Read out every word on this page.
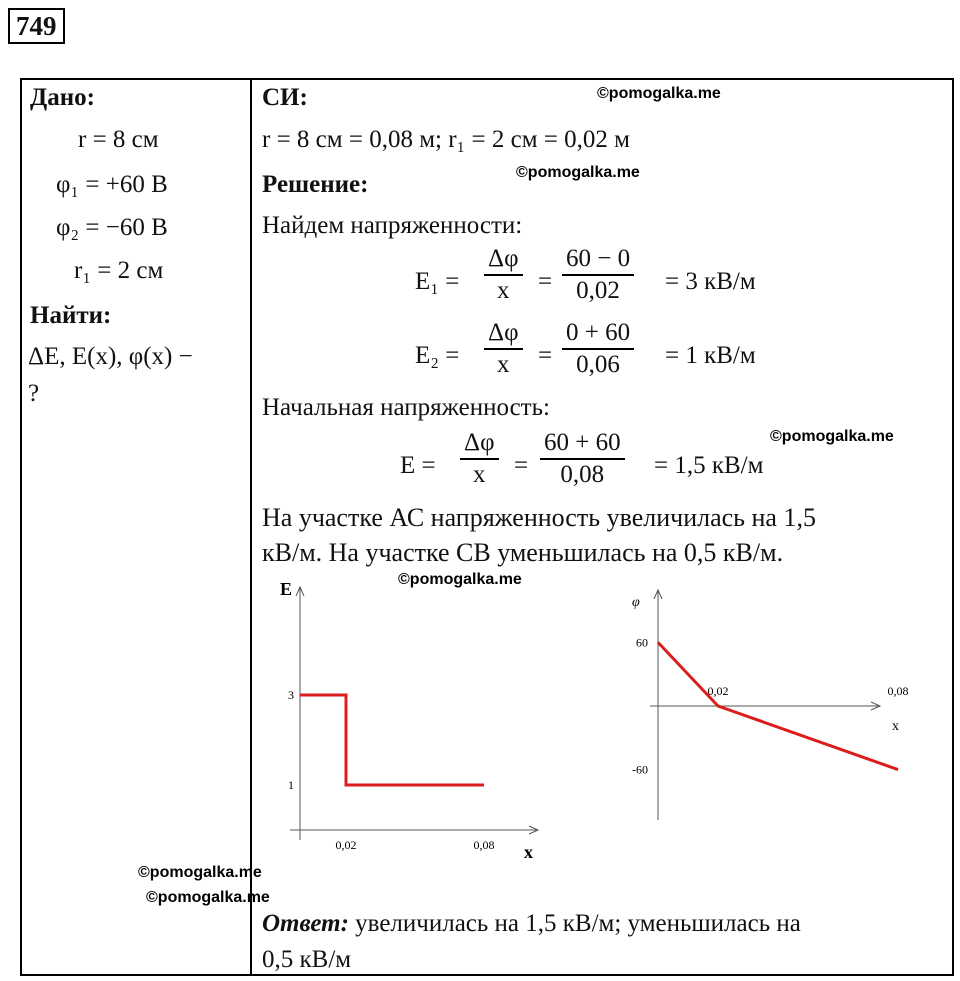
749
Дано:
r = 8 см
φ₁ = +60 В
φ₂ = −60 В
r₁ = 2 см
Найти:
ΔE, E(x), φ(x) −
?
СИ:
r = 8 см = 0,08 м; r₁ = 2 см = 0,02 м
Решение:
Найдем напряженности:
$E_1 = \frac{\Delta\varphi}{x} = \frac{60 - 0}{0,02} = 3$ кВ/м
$E_2 = \frac{\Delta\varphi}{x} = \frac{0 + 60}{0,06} = 1$ кВ/м
Начальная напряженность:
$E = \frac{\Delta\varphi}{x} = \frac{60 + 60}{0,08} = 1,5$ кВ/м
На участке АС напряженность увеличилась на 1,5
кВ/м. На участке СВ уменьшилась на 0,5 кВ/м.
E
x
3
1
0,02	0,08
φ
x
60
-60
0,02	0,08
Ответ: увеличилась на 1,5 кВ/м; уменьшилась на
0,5 кВ/м
©pomogalka.me
©pomogalka.me
©pomogalka.me
©pomogalka.me
©pomogalka.me
©pomogalka.me
